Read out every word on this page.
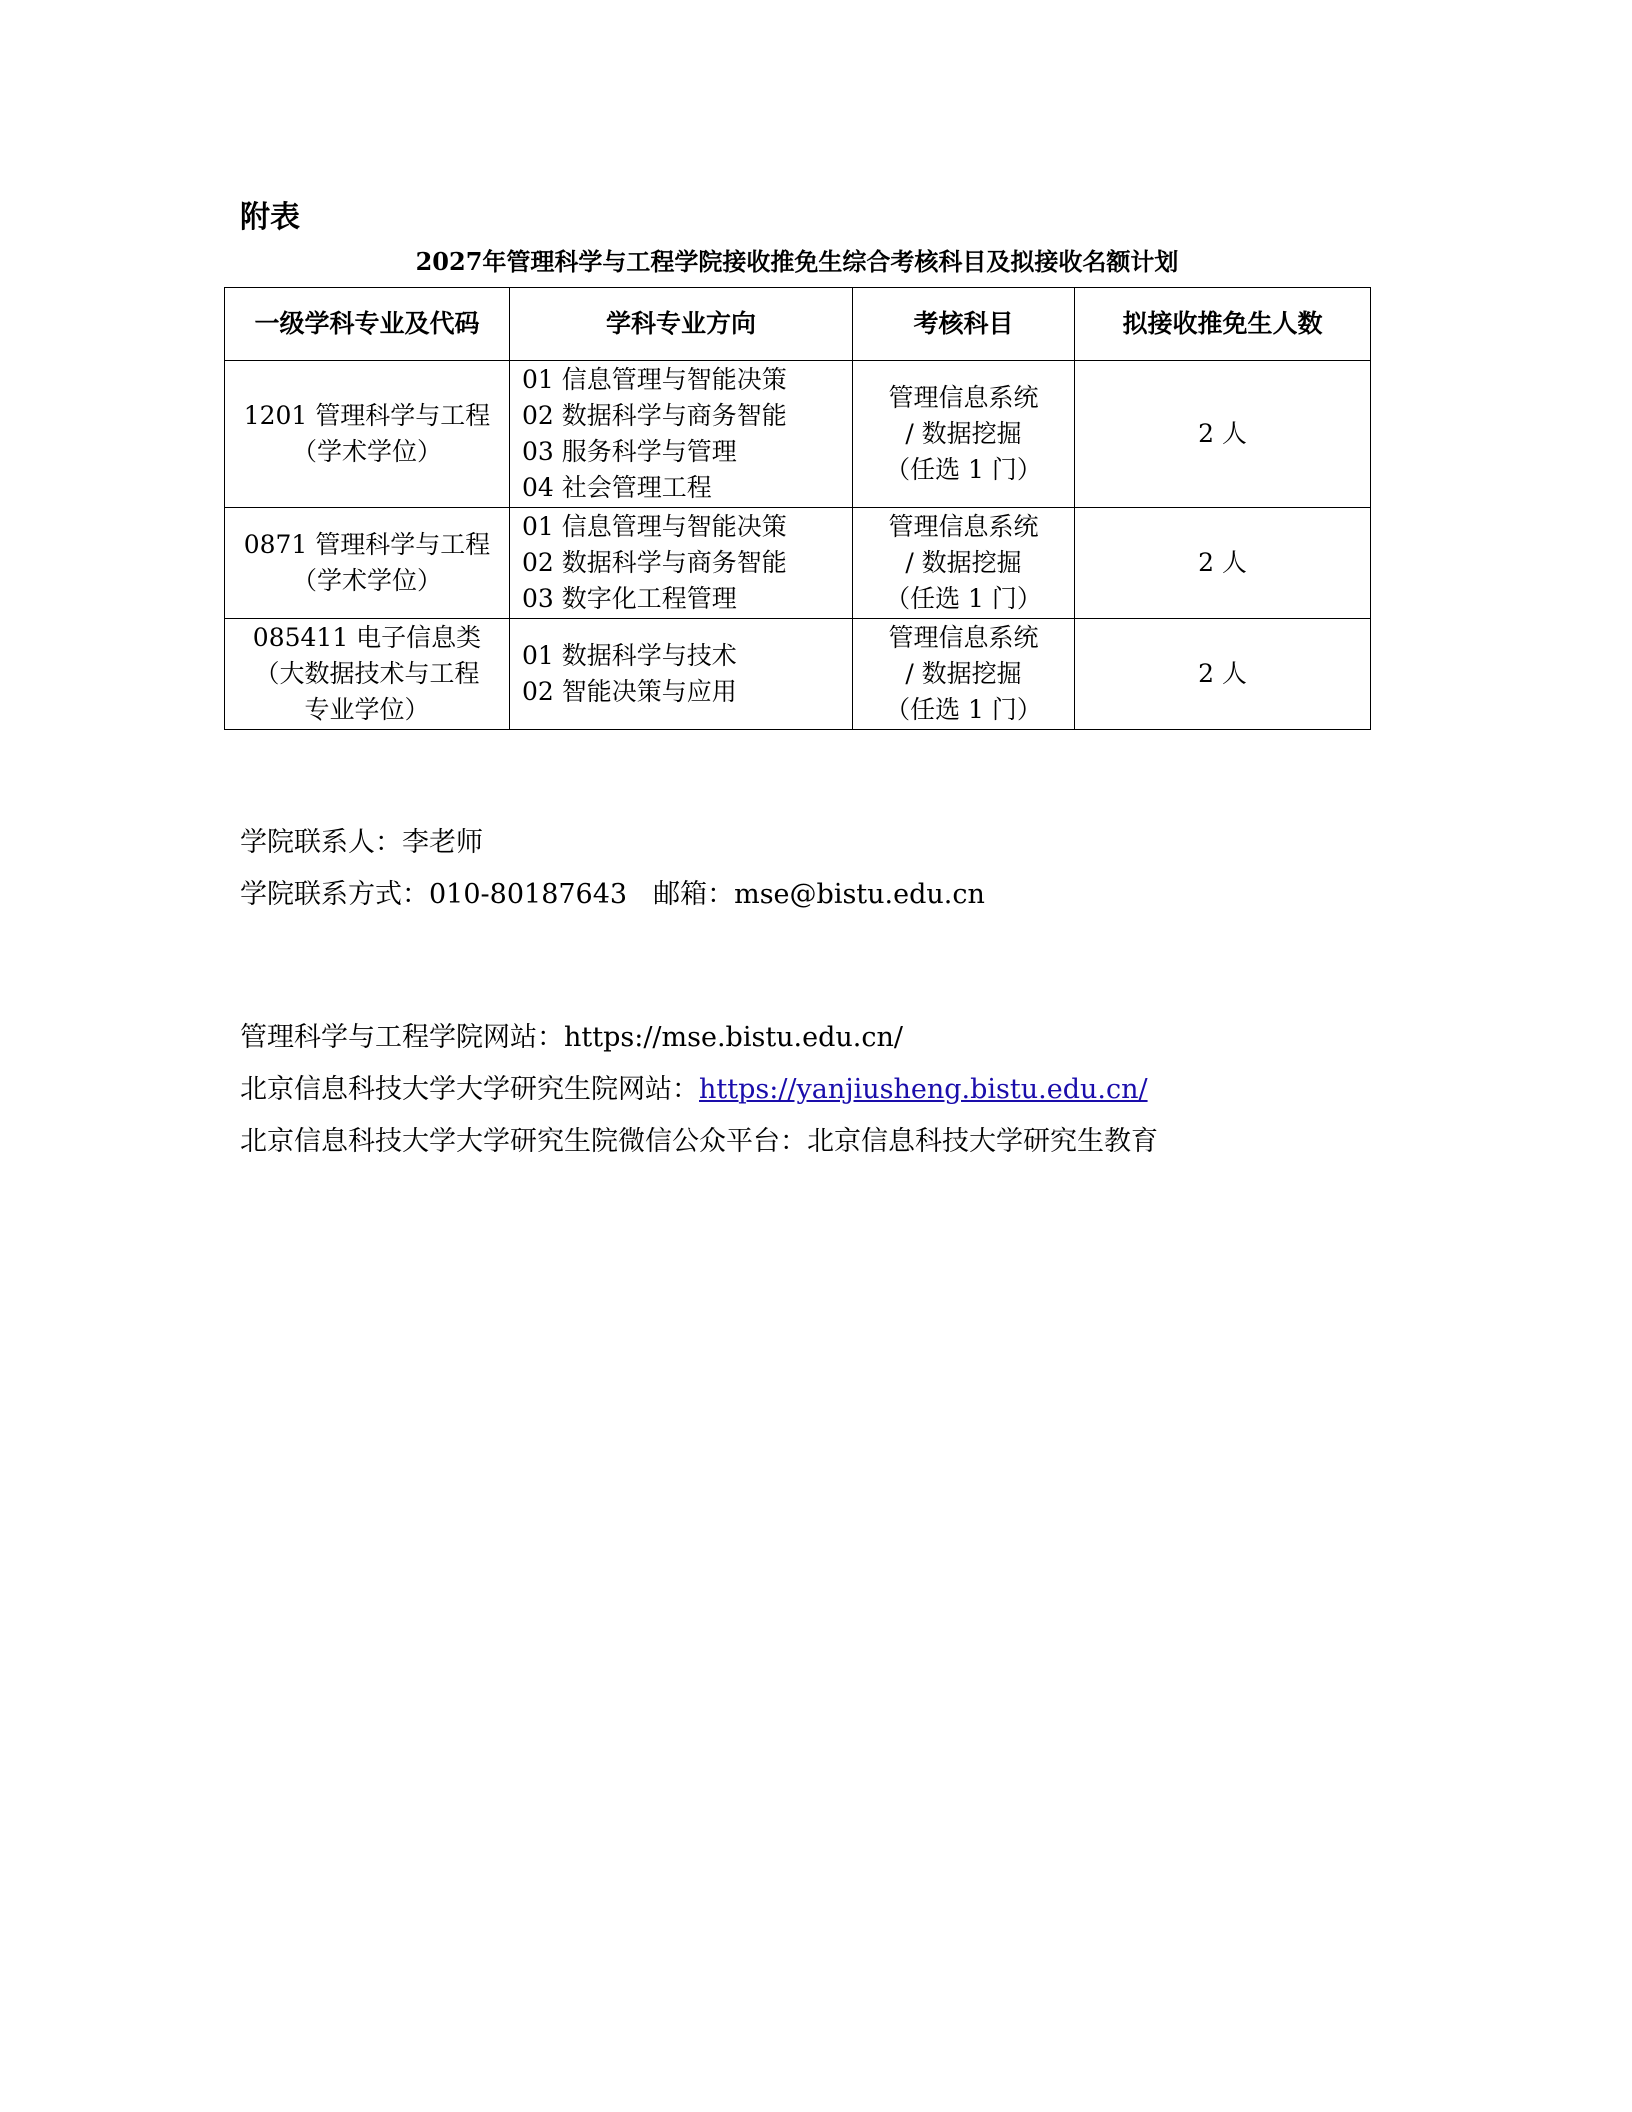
附表

2027年管理科学与工程学院接收推免生综合考核科目及拟接收名额计划

一级学科专业及代码	学科专业方向	考核科目	拟接收推免生人数

1201 管理科学与工程
（学术学位）	01 信息管理与智能决策
02 数据科学与商务智能
03 服务科学与管理
04 社会管理工程	管理信息系统
/ 数据挖掘
（任选 1 门）	2 人

0871 管理科学与工程
（学术学位）	01 信息管理与智能决策
02 数据科学与商务智能
03 数字化工程管理	管理信息系统
/ 数据挖掘
（任选 1 门）	2 人

085411 电子信息类
（大数据技术与工程
专业学位）	01 数据科学与技术
02 智能决策与应用	管理信息系统
/ 数据挖掘
（任选 1 门）	2 人

学院联系人：李老师

学院联系方式：010-80187643 邮箱：mse@bistu.edu.cn

管理科学与工程学院网站：https://mse.bistu.edu.cn/

北京信息科技大学大学研究生院网站：https://yanjiusheng.bistu.edu.cn/

北京信息科技大学大学研究生院微信公众平台：北京信息科技大学研究生教育
